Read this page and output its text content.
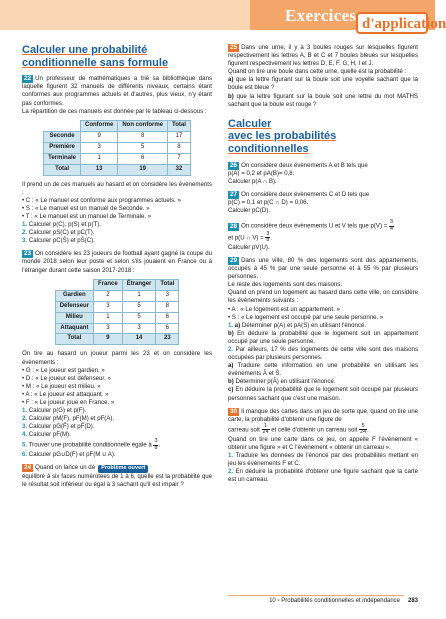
Exercices d'application
Calculer une probabilité
conditionnelle sans formule

22 Un professeur de mathématiques a trié sa bibliothèque dans laquelle figurent 32 manuels de différents niveaux, certains étant conformes aux programmes actuels et d'autres, plus vieux, n'y étant pas conformes.

La répartition de ces manuels est donnée par le tableau ci-dessous :

	Conforme	Non conforme	Total
Seconde	9	8	17
Première	3	5	8
Terminale	1	6	7
Total	13	19	32

Il prend un de ces manuels au hasard et on considère les évènements :

• C : « Le manuel est conforme aux programmes actuels. »
• S : « Le manuel est un manuel de Seconde. »
• T : « Le manuel est un manuel de Terminale. »

1. Calculer p(C), p(S) et p(T).

2. Calculer pS(C) et pC(T).

3. Calculer pC(S̄) et pS̄(C).

23 On considère les 23 joueurs de football ayant gagné la coupe du monde 2018 selon leur poste et selon s'ils jouaient en France ou à l'étranger durant cette saison 2017-2018 :

	France	Étranger	Total
Gardien	2	1	3
Défenseur	3	5	8
Milieu	1	5	6
Attaquant	3	3	6
Total	9	14	23

On tire au hasard un joueur parmi les 23 et on considère les évènements :

• G : « Le joueur est gardien. »
• D : « Le joueur est défenseur. »
• M : « Le joueur est milieu. »
• A : « Le joueur est attaquant. »
• F : « Le joueur joue en France. »

1. Calculer p(G) et p(F).

2. Calculer pM(F), pF(M) et pF(A).

3. Calculer pG(F̄) et pF̄(D).

4. Calculer pF(M).

5. Trouver une probabilité conditionnelle égale à $\frac{3}{8}$ .

6. Calculer pG∪D(F) et pF(M ∪ A).

24 Quand on lance un dé Problème ouvert

équilibré à six faces numérotées de 1 à 6, quelle est la probabilité que le résultat soit inférieur ou égal à 3 sachant qu'il est impair ?

25 Dans une urne, il y a 3 boules rouges sur lesquelles figurent respectivement les lettres A, B et C et 7 boules bleues sur lesquelles figurent respectivement les lettres D, E, F, G, H, I et J.

Quand on tire une boule dans cette urne, quelle est la probabilité :

a) que la lettre figurant sur la boule soit une voyelle sachant que la boule est bleue ?

b) que la lettre figurant sur la boule soit une lettre du mot MATHS sachant que la boule est rouge ?

Calculer
avec les probabilités conditionnelles

26 On considère deux évènements A et B tels que

p(A) = 0,2 et pA(B)= 0,8.

Calculer p(A ∩ B).

27 On considère deux évènements C et D tels que

p(C) = 0,1 et p(C ∩ D) = 0,06.

Calculer pC(D).

28 On considère deux évènements U et V tels que $p(V) = \frac{3}{4}$

et p(U ∩ $V) = \frac{3}{8}$ .

Calculer pV(U).

29 Dans une ville, 80 % des logements sont des appartements, occupés à 45 % par une seule personne et à 55 % par plusieurs personnes.

Le reste des logements sont des maisons.

Quand on prend un logement au hasard dans cette ville, on considère les évènements suivants :

• A : « Le logement est un appartement. »
• S : « Le logement est occupé par une seule personne. »

1. a) Déterminer p(A) et pA(S) en utilisant l'énoncé.

b) En déduire la probabilité que le logement soit un appartement occupé par une seule personne.

2. Par ailleurs, 17 % des logements de cette ville sont des maisons occupées par plusieurs personnes.

a) Traduire cette information en une probabilité en utilisant les évènements Ā et S̄.

b) Déterminer p(Ā) en utilisant l'énoncé.

c) En déduire la probabilité que le logement soit occupé par plusieurs personnes sachant que c'est une maison.

30 Il manque des cartes dans un jeu de sorte que, quand on tire une carte, la probabilité d'obtenir une figure de

carreau soit $\frac{1}{24}$ et celle d'obtenir un carreau soit $\frac{5}{24}$ .

Quand on tire une carte dans ce jeu, on appelle F l'évènement « obtenir une figure » et C l'évènement « obtenir un carreau ».

1. Traduire les données de l'énoncé par des probabilités mettant en jeu les évènements F et C.

2. En déduire la probabilité d'obtenir une figure sachant que la carte est un carreau.

10 • Probabilités conditionnelles et indépendance 283
